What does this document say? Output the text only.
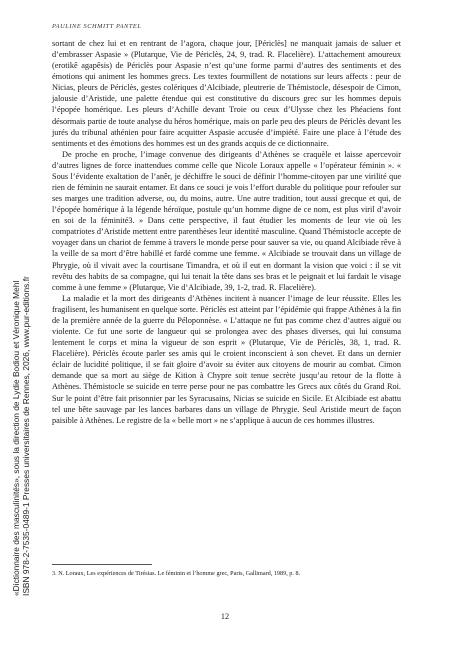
PAULINE SCHMITT PANTEL

sortant de chez lui et en rentrant de l’agora, chaque jour, [Périclès] ne manquait jamais de saluer et d’embrasser Aspasie » (Plutarque, Vie de Périclès, 24, 9, trad. R. Flacelière). L’attachement amoureux (erotikê agapêsis) de Périclès pour Aspasie n’est qu’une forme parmi d’autres des sentiments et des émotions qui animent les hommes grecs. Les textes fourmillent de notations sur leurs affects : peur de Nicias, pleurs de Périclès, gestes colériques d’Alcibiade, pleutrerie de Thémistocle, désespoir de Cimon, jalousie d’Aristide, une palette étendue qui est constitutive du discours grec sur les hommes depuis l’épopée homérique. Les pleurs d’Achille devant Troie ou ceux d’Ulysse chez les Phéaciens font désormais partie de toute analyse du héros homérique, mais on parle peu des pleurs de Périclès devant les jurés du tribunal athénien pour faire acquitter Aspasie accusée d’impiété. Faire une place à l’étude des sentiments et des émotions des hommes est un des grands acquis de ce dictionnaire.

De proche en proche, l’image convenue des dirigeants d’Athènes se craquèle et laisse apercevoir d’autres lignes de force inattendues comme celle que Nicole Loraux appelle « l’opérateur féminin ». « Sous l’évidente exaltation de l’anêr, je déchiffre le souci de définir l’homme-citoyen par une virilité que rien de féminin ne saurait entamer. Et dans ce souci je vois l’effort durable du politique pour refouler sur ses marges une tradition adverse, ou, du moins, autre. Une autre tradition, tout aussi grecque et qui, de l’épopée homérique à la légende héroïque, postule qu’un homme digne de ce nom, est plus viril d’avoir en soi de la féminité3. » Dans cette perspective, il faut étudier les moments de leur vie où les compatriotes d’Aristide mettent entre parenthèses leur identité masculine. Quand Thémistocle accepte de voyager dans un chariot de femme à travers le monde perse pour sauver sa vie, ou quand Alcibiade rêve à la veille de sa mort d’être habillé et fardé comme une femme. « Alcibiade se trouvait dans un village de Phrygie, où il vivait avec la courtisane Timandra, et où il eut en dormant la vision que voici : il se vit revêtu des habits de sa compagne, qui lui tenait la tête dans ses bras et le peignait et lui fardait le visage comme à une femme » (Plutarque, Vie d’Alcibiade, 39, 1-2, trad. R. Flacelière).

La maladie et la mort des dirigeants d’Athènes incitent à nuancer l’image de leur réussite. Elles les fragilisent, les humanisent en quelque sorte. Périclès est atteint par l’épidémie qui frappe Athènes à la fin de la première année de la guerre du Péloponnèse. « L’attaque ne fut pas comme chez d’autres aiguë ou violente. Ce fut une sorte de langueur qui se prolongea avec des phases diverses, qui lui consuma lentement le corps et mina la vigueur de son esprit » (Plutarque, Vie de Périclès, 38, 1, trad. R. Flacelière). Périclès écoute parler ses amis qui le croient inconscient à son chevet. Et dans un dernier éclair de lucidité politique, il se fait gloire d’avoir su éviter aux citoyens de mourir au combat. Cimon demande que sa mort au siège de Kition à Chypre soit tenue secrète jusqu’au retour de la flotte à Athènes. Thémistocle se suicide en terre perse pour ne pas combattre les Grecs aux côtés du Grand Roi. Sur le point d’être fait prisonnier par les Syracusains, Nicias se suicide en Sicile. Et Alcibiade est abattu tel une bête sauvage par les lances barbares dans un village de Phrygie. Seul Aristide meurt de façon paisible à Athènes. Le registre de la « belle mort » ne s’applique à aucun de ces hommes illustres.

3. N. Loraux, Les expériences de Tirésias. Le féminin et l’homme grec, Paris, Gallimard, 1989, p. 8.
12
«Dictionnaire des masculinités», sous la direction de Lydie Bodiou et Véronique Mehl ISBN 978-2-7535-0489-1 Presses universitaires de Rennes, 2026, www.pur-editions.fr
